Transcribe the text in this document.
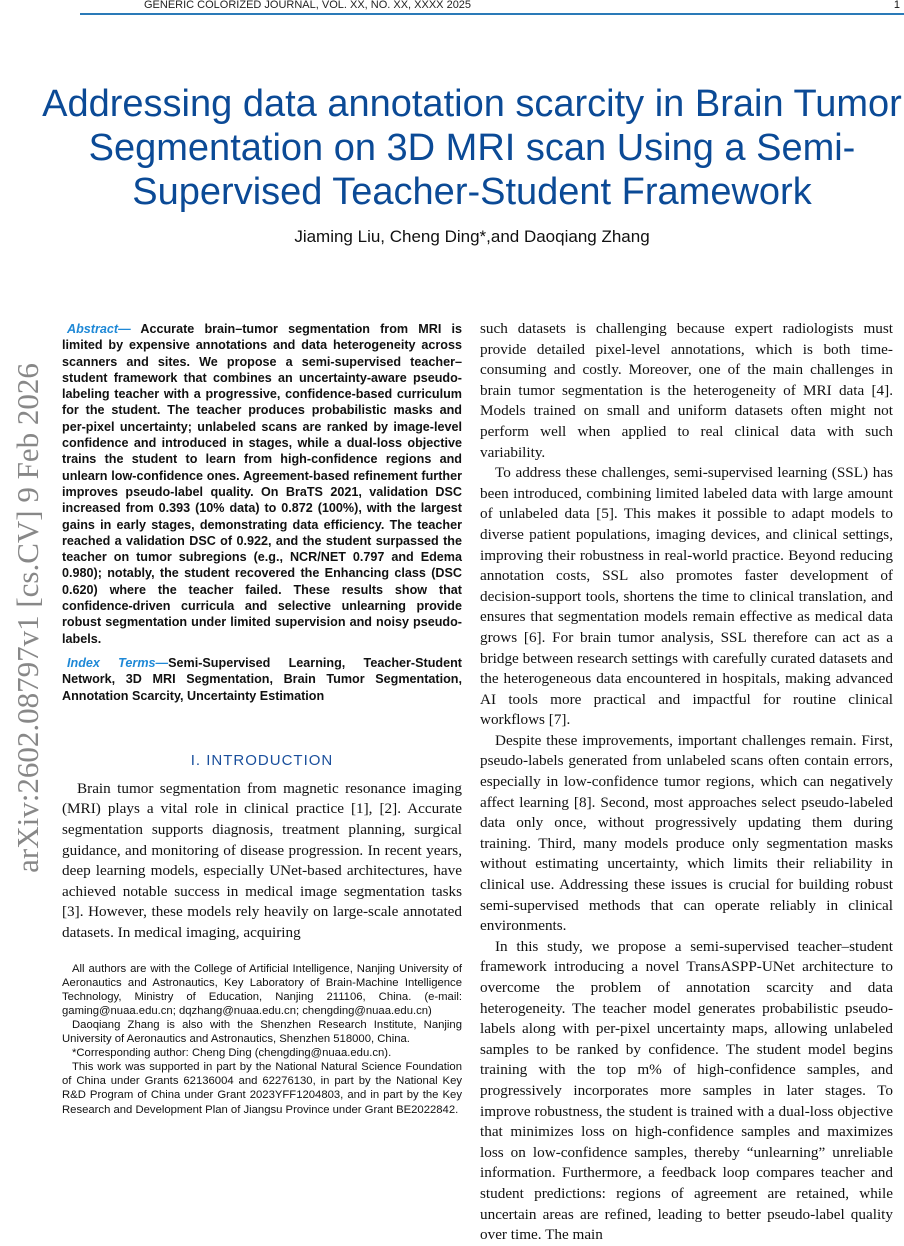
GENERIC COLORIZED JOURNAL, VOL. XX, NO. XX, XXXX 2025	1
arXiv:2602.08797v1 [cs.CV] 9 Feb 2026
Addressing data annotation scarcity in Brain Tumor Segmentation on 3D MRI scan Using a Semi-Supervised Teacher-Student Framework
Jiaming Liu, Cheng Ding*,and Daoqiang Zhang
Abstract— Accurate brain–tumor segmentation from MRI is limited by expensive annotations and data heterogeneity across scanners and sites. We propose a semi-supervised teacher–student framework that combines an uncertainty-aware pseudo-labeling teacher with a progressive, confidence-based curriculum for the student. The teacher produces probabilistic masks and per-pixel uncertainty; unlabeled scans are ranked by image-level confidence and introduced in stages, while a dual-loss objective trains the student to learn from high-confidence regions and unlearn low-confidence ones. Agreement-based refinement further improves pseudo-label quality. On BraTS 2021, validation DSC increased from 0.393 (10% data) to 0.872 (100%), with the largest gains in early stages, demonstrating data efficiency. The teacher reached a validation DSC of 0.922, and the student surpassed the teacher on tumor subregions (e.g., NCR/NET 0.797 and Edema 0.980); notably, the student recovered the Enhancing class (DSC 0.620) where the teacher failed. These results show that confidence-driven curricula and selective unlearning provide robust segmentation under limited supervision and noisy pseudo-labels.
Index Terms—Semi-Supervised Learning, Teacher-Student Network, 3D MRI Segmentation, Brain Tumor Segmentation, Annotation Scarcity, Uncertainty Estimation
I. INTRODUCTION

Brain tumor segmentation from magnetic resonance imaging (MRI) plays a vital role in clinical practice [1], [2]. Accurate segmentation supports diagnosis, treatment planning, surgical guidance, and monitoring of disease progression. In recent years, deep learning models, especially UNet-based architectures, have achieved notable success in medical image segmentation tasks [3]. However, these models rely heavily on large-scale annotated datasets. In medical imaging, acquiring

All authors are with the College of Artificial Intelligence, Nanjing University of Aeronautics and Astronautics, Key Laboratory of Brain-Machine Intelligence Technology, Ministry of Education, Nanjing 211106, China. (e-mail: gaming@nuaa.edu.cn; dqzhang@nuaa.edu.cn; chengding@nuaa.edu.cn)

Daoqiang Zhang is also with the Shenzhen Research Institute, Nanjing University of Aeronautics and Astronautics, Shenzhen 518000, China.

*Corresponding author: Cheng Ding (chengding@nuaa.edu.cn).

This work was supported in part by the National Natural Science Foundation of China under Grants 62136004 and 62276130, in part by the National Key R&D Program of China under Grant 2023YFF1204803, and in part by the Key Research and Development Plan of Jiangsu Province under Grant BE2022842.

such datasets is challenging because expert radiologists must provide detailed pixel-level annotations, which is both time-consuming and costly. Moreover, one of the main challenges in brain tumor segmentation is the heterogeneity of MRI data [4]. Models trained on small and uniform datasets often might not perform well when applied to real clinical data with such variability.

To address these challenges, semi-supervised learning (SSL) has been introduced, combining limited labeled data with large amount of unlabeled data [5]. This makes it possible to adapt models to diverse patient populations, imaging devices, and clinical settings, improving their robustness in real-world practice. Beyond reducing annotation costs, SSL also promotes faster development of decision-support tools, shortens the time to clinical translation, and ensures that segmentation models remain effective as medical data grows [6]. For brain tumor analysis, SSL therefore can act as a bridge between research settings with carefully curated datasets and the heterogeneous data encountered in hospitals, making advanced AI tools more practical and impactful for routine clinical workflows [7].

Despite these improvements, important challenges remain. First, pseudo-labels generated from unlabeled scans often contain errors, especially in low-confidence tumor regions, which can negatively affect learning [8]. Second, most approaches select pseudo-labeled data only once, without progressively updating them during training. Third, many models produce only segmentation masks without estimating uncertainty, which limits their reliability in clinical use. Addressing these issues is crucial for building robust semi-supervised methods that can operate reliably in clinical environments.

In this study, we propose a semi-supervised teacher–student framework introducing a novel TransASPP-UNet architecture to overcome the problem of annotation scarcity and data heterogeneity. The teacher model generates probabilistic pseudo-labels along with per-pixel uncertainty maps, allowing unlabeled samples to be ranked by confidence. The student model begins training with the top m% of high-confidence samples, and progressively incorporates more samples in later stages. To improve robustness, the student is trained with a dual-loss objective that minimizes loss on high-confidence samples and maximizes loss on low-confidence samples, thereby “unlearning” unreliable information. Furthermore, a feedback loop compares teacher and student predictions: regions of agreement are retained, while uncertain areas are refined, leading to better pseudo-label quality over time. The main
